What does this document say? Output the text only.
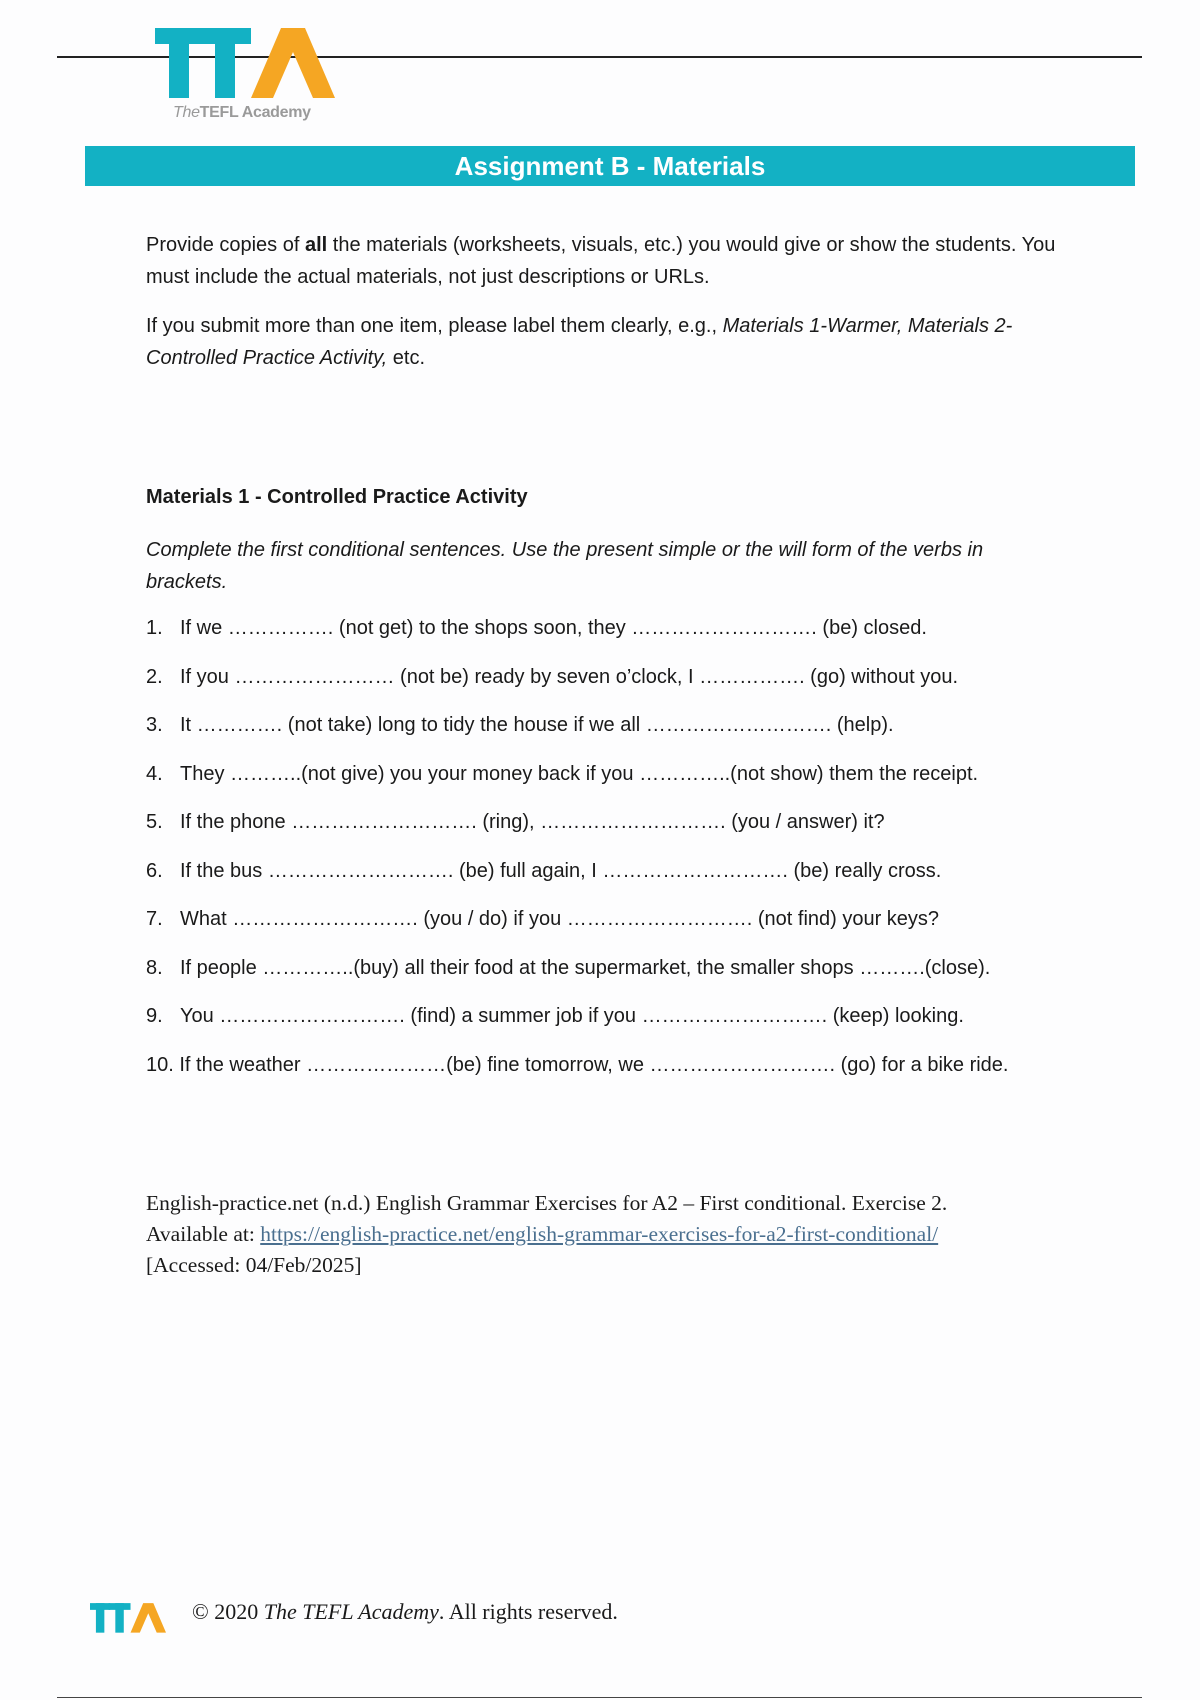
TheTEFL Academy
Assignment B - Materials

Provide copies of all the materials (worksheets, visuals, etc.) you would give or show the students. You must include the actual materials, not just descriptions or URLs.

If you submit more than one item, please label them clearly, e.g., Materials 1-Warmer, Materials 2- Controlled Practice Activity, etc.

Materials 1 - Controlled Practice Activity
Complete the first conditional sentences. Use the present simple or the will form of the verbs in brackets.
1. If we ……………. (not get) to the shops soon, they ………………………. (be) closed.
2. If you …………………… (not be) ready by seven o’clock, I ……………. (go) without you.
3. It …………. (not take) long to tidy the house if we all ………………………. (help).
4. They ………..(not give) you your money back if you …………..(not show) them the receipt.
5. If the phone ………………………. (ring), ………………………. (you / answer) it?
6. If the bus ………………………. (be) full again, I ………………………. (be) really cross.
7. What ………………………. (you / do) if you ………………………. (not find) your keys?
8. If people …………..(buy) all their food at the supermarket, the smaller shops ……….(close).
9. You ………………………. (find) a summer job if you ………………………. (keep) looking.
10. If the weather …………………(be) fine tomorrow, we ………………………. (go) for a bike ride.

English-practice.net (n.d.) English Grammar Exercises for A2 – First conditional. Exercise 2.

Available at: https://english-practice.net/english-grammar-exercises-for-a2-first-conditional/

[Accessed: 04/Feb/2025]

© 2020 The TEFL Academy. All rights reserved.
